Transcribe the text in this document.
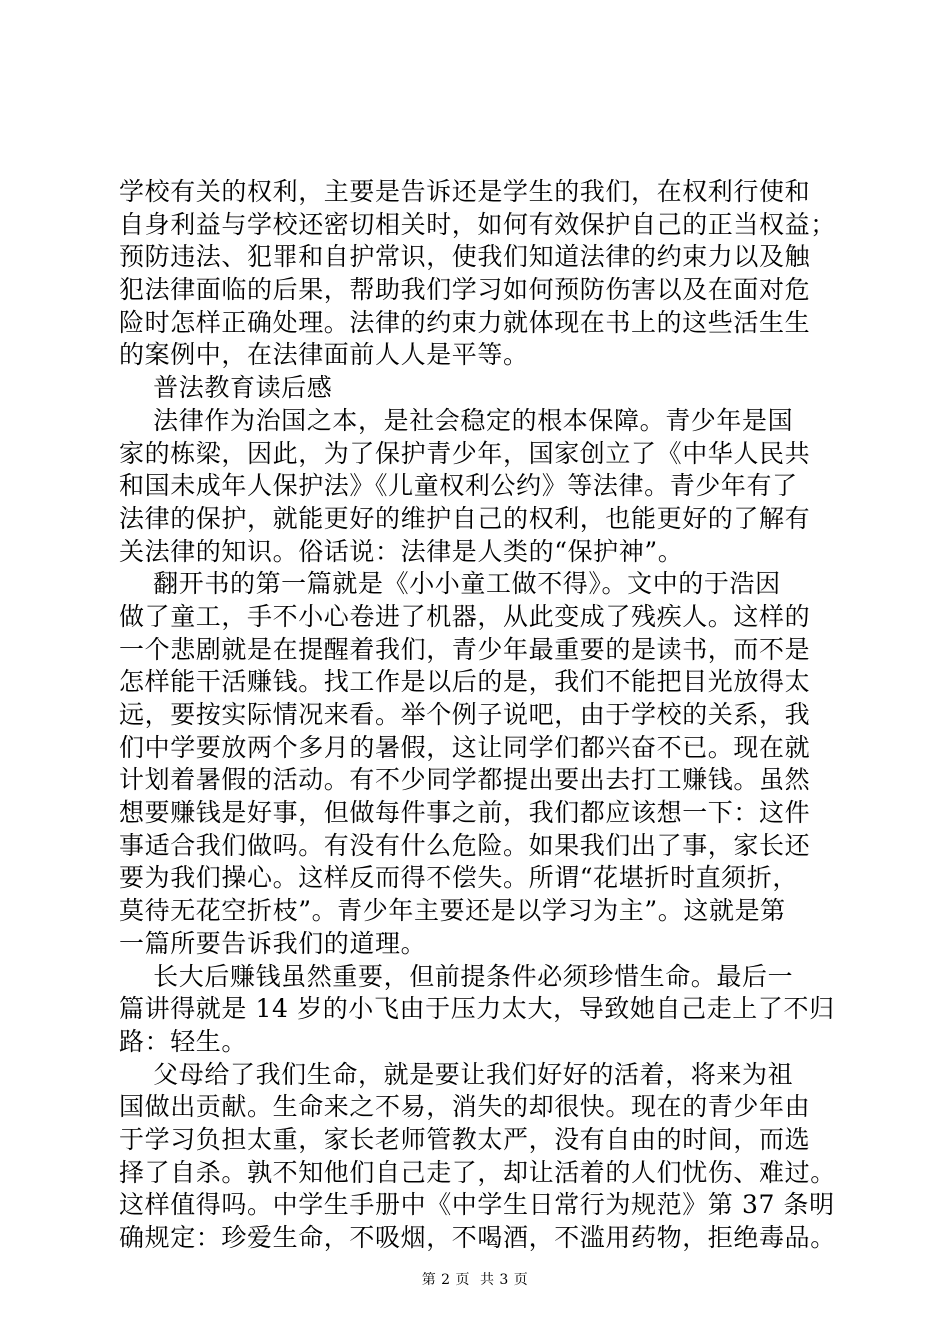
学校有关的权利，主要是告诉还是学生的我们，在权利行使和
自身利益与学校还密切相关时，如何有效保护自己的正当权益；
预防违法、犯罪和自护常识，使我们知道法律的约束力以及触
犯法律面临的后果，帮助我们学习如何预防伤害以及在面对危
险时怎样正确处理。法律的约束力就体现在书上的这些活生生
的案例中，在法律面前人人是平等。
普法教育读后感
法律作为治国之本，是社会稳定的根本保障。青少年是国
家的栋梁，因此，为了保护青少年，国家创立了《中华人民共
和国未成年人保护法》《儿童权利公约》等法律。青少年有了
法律的保护，就能更好的维护自己的权利，也能更好的了解有
关法律的知识。俗话说：法律是人类的“保护神”。
翻开书的第一篇就是《小小童工做不得》。文中的于浩因
做了童工，手不小心卷进了机器，从此变成了残疾人。这样的
一个悲剧就是在提醒着我们，青少年最重要的是读书，而不是
怎样能干活赚钱。找工作是以后的是，我们不能把目光放得太
远，要按实际情况来看。举个例子说吧，由于学校的关系，我
们中学要放两个多月的暑假，这让同学们都兴奋不已。现在就
计划着暑假的活动。有不少同学都提出要出去打工赚钱。虽然
想要赚钱是好事，但做每件事之前，我们都应该想一下：这件
事适合我们做吗。有没有什么危险。如果我们出了事，家长还
要为我们操心。这样反而得不偿失。所谓“花堪折时直须折，
莫待无花空折枝”。青少年主要还是以学习为主”。这就是第
一篇所要告诉我们的道理。
长大后赚钱虽然重要，但前提条件必须珍惜生命。最后一
篇讲得就是 14 岁的小飞由于压力太大，导致她自己走上了不归
路：轻生。
父母给了我们生命，就是要让我们好好的活着，将来为祖
国做出贡献。生命来之不易，消失的却很快。现在的青少年由
于学习负担太重，家长老师管教太严，没有自由的时间，而选
择了自杀。孰不知他们自己走了，却让活着的人们忧伤、难过。
这样值得吗。中学生手册中《中学生日常行为规范》第 37 条明
确规定：珍爱生命，不吸烟，不喝酒，不滥用药物，拒绝毒品。
第 2 页  共 3 页
